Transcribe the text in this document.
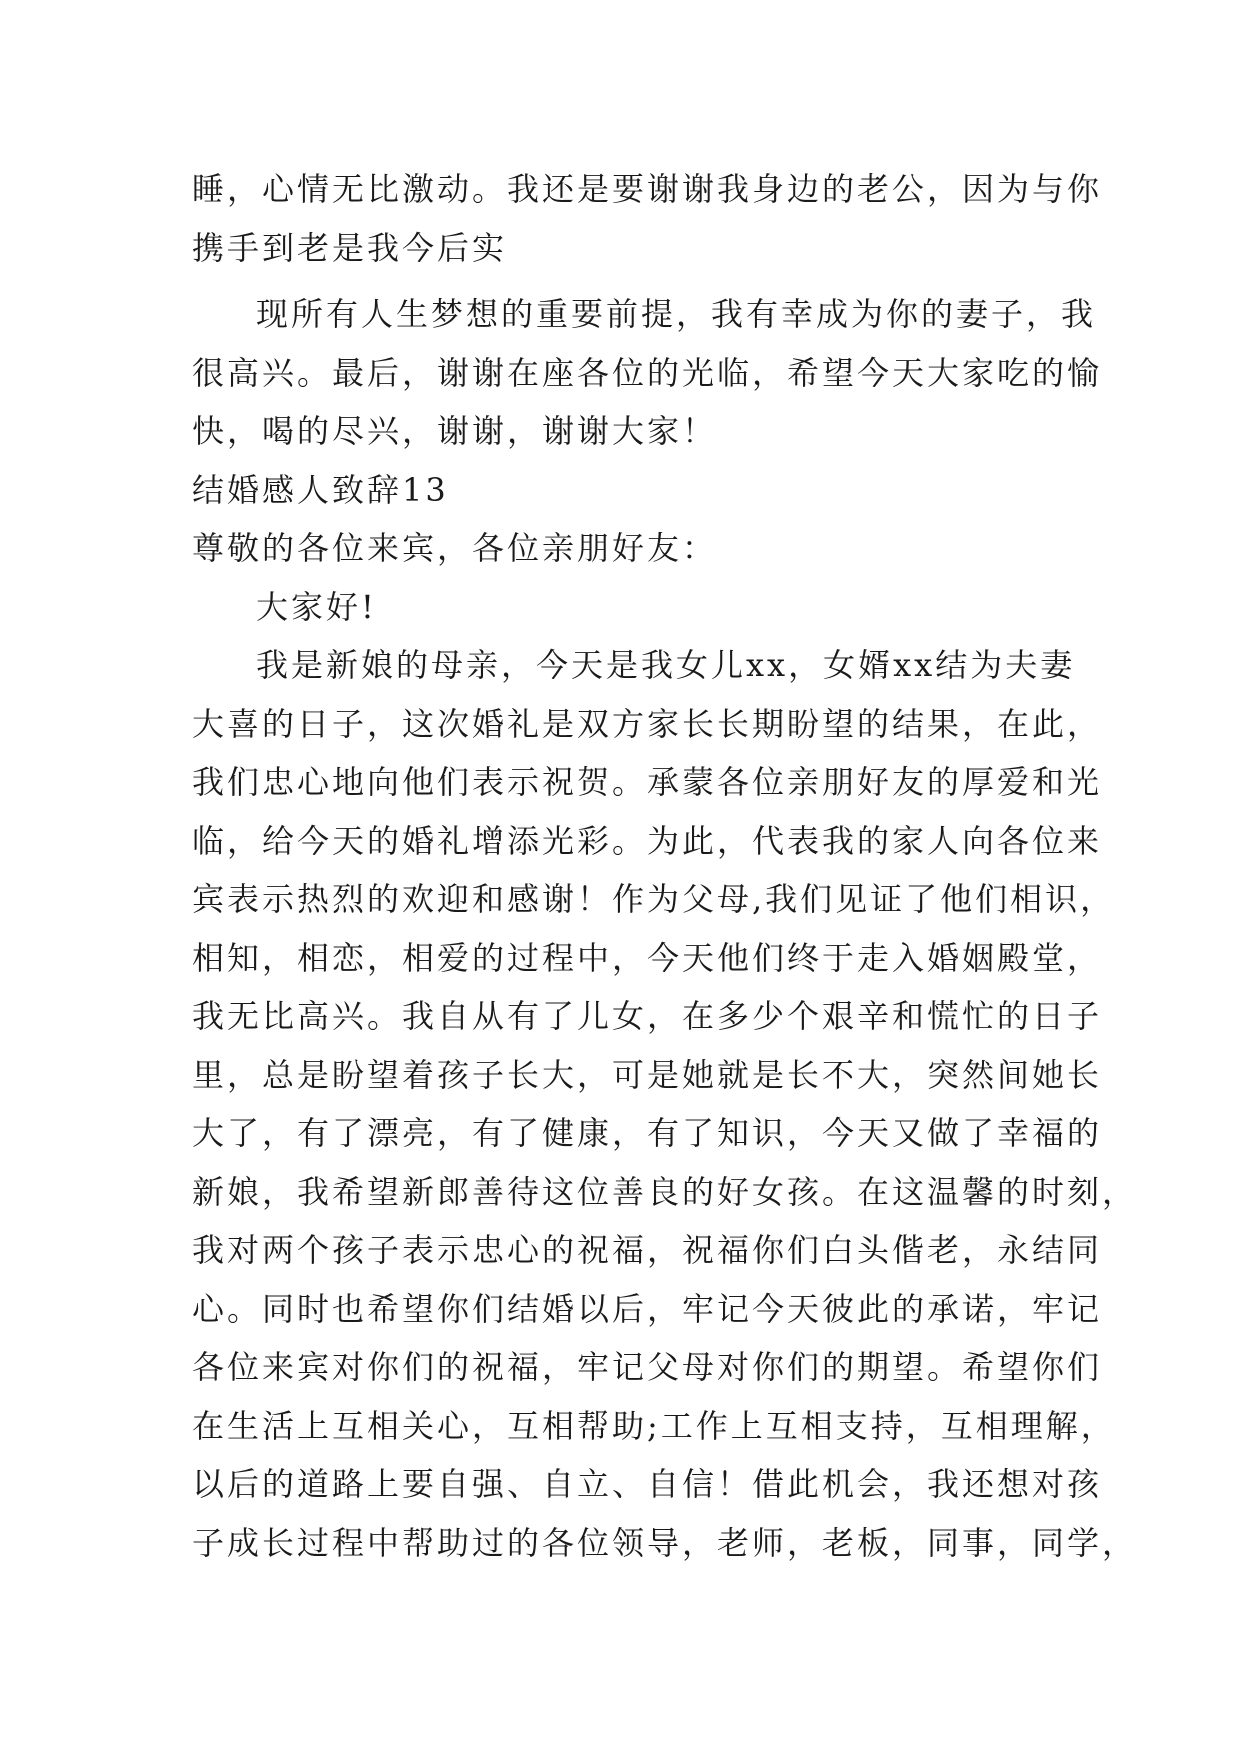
睡，心情无比激动。我还是要谢谢我身边的老公，因为与你
携手到老是我今后实
现所有人生梦想的重要前提，我有幸成为你的妻子，我
很高兴。最后，谢谢在座各位的光临，希望今天大家吃的愉
快，喝的尽兴，谢谢，谢谢大家！
结婚感人致辞13
尊敬的各位来宾，各位亲朋好友：
大家好!
我是新娘的母亲，今天是我女儿xx，女婿xx结为夫妻
大喜的日子，这次婚礼是双方家长长期盼望的结果，在此，
我们忠心地向他们表示祝贺。承蒙各位亲朋好友的厚爱和光
临，给今天的婚礼增添光彩。为此，代表我的家人向各位来
宾表示热烈的欢迎和感谢！作为父母,我们见证了他们相识，
相知，相恋，相爱的过程中，今天他们终于走入婚姻殿堂，
我无比高兴。我自从有了儿女，在多少个艰辛和慌忙的日子
里，总是盼望着孩子长大，可是她就是长不大，突然间她长
大了，有了漂亮，有了健康，有了知识，今天又做了幸福的
新娘，我希望新郎善待这位善良的好女孩。在这温馨的时刻，
我对两个孩子表示忠心的祝福，祝福你们白头偕老，永结同
心。同时也希望你们结婚以后，牢记今天彼此的承诺，牢记
各位来宾对你们的祝福，牢记父母对你们的期望。希望你们
在生活上互相关心，互相帮助;工作上互相支持，互相理解，
以后的道路上要自强、自立、自信！借此机会，我还想对孩
子成长过程中帮助过的各位领导，老师，老板，同事，同学，
